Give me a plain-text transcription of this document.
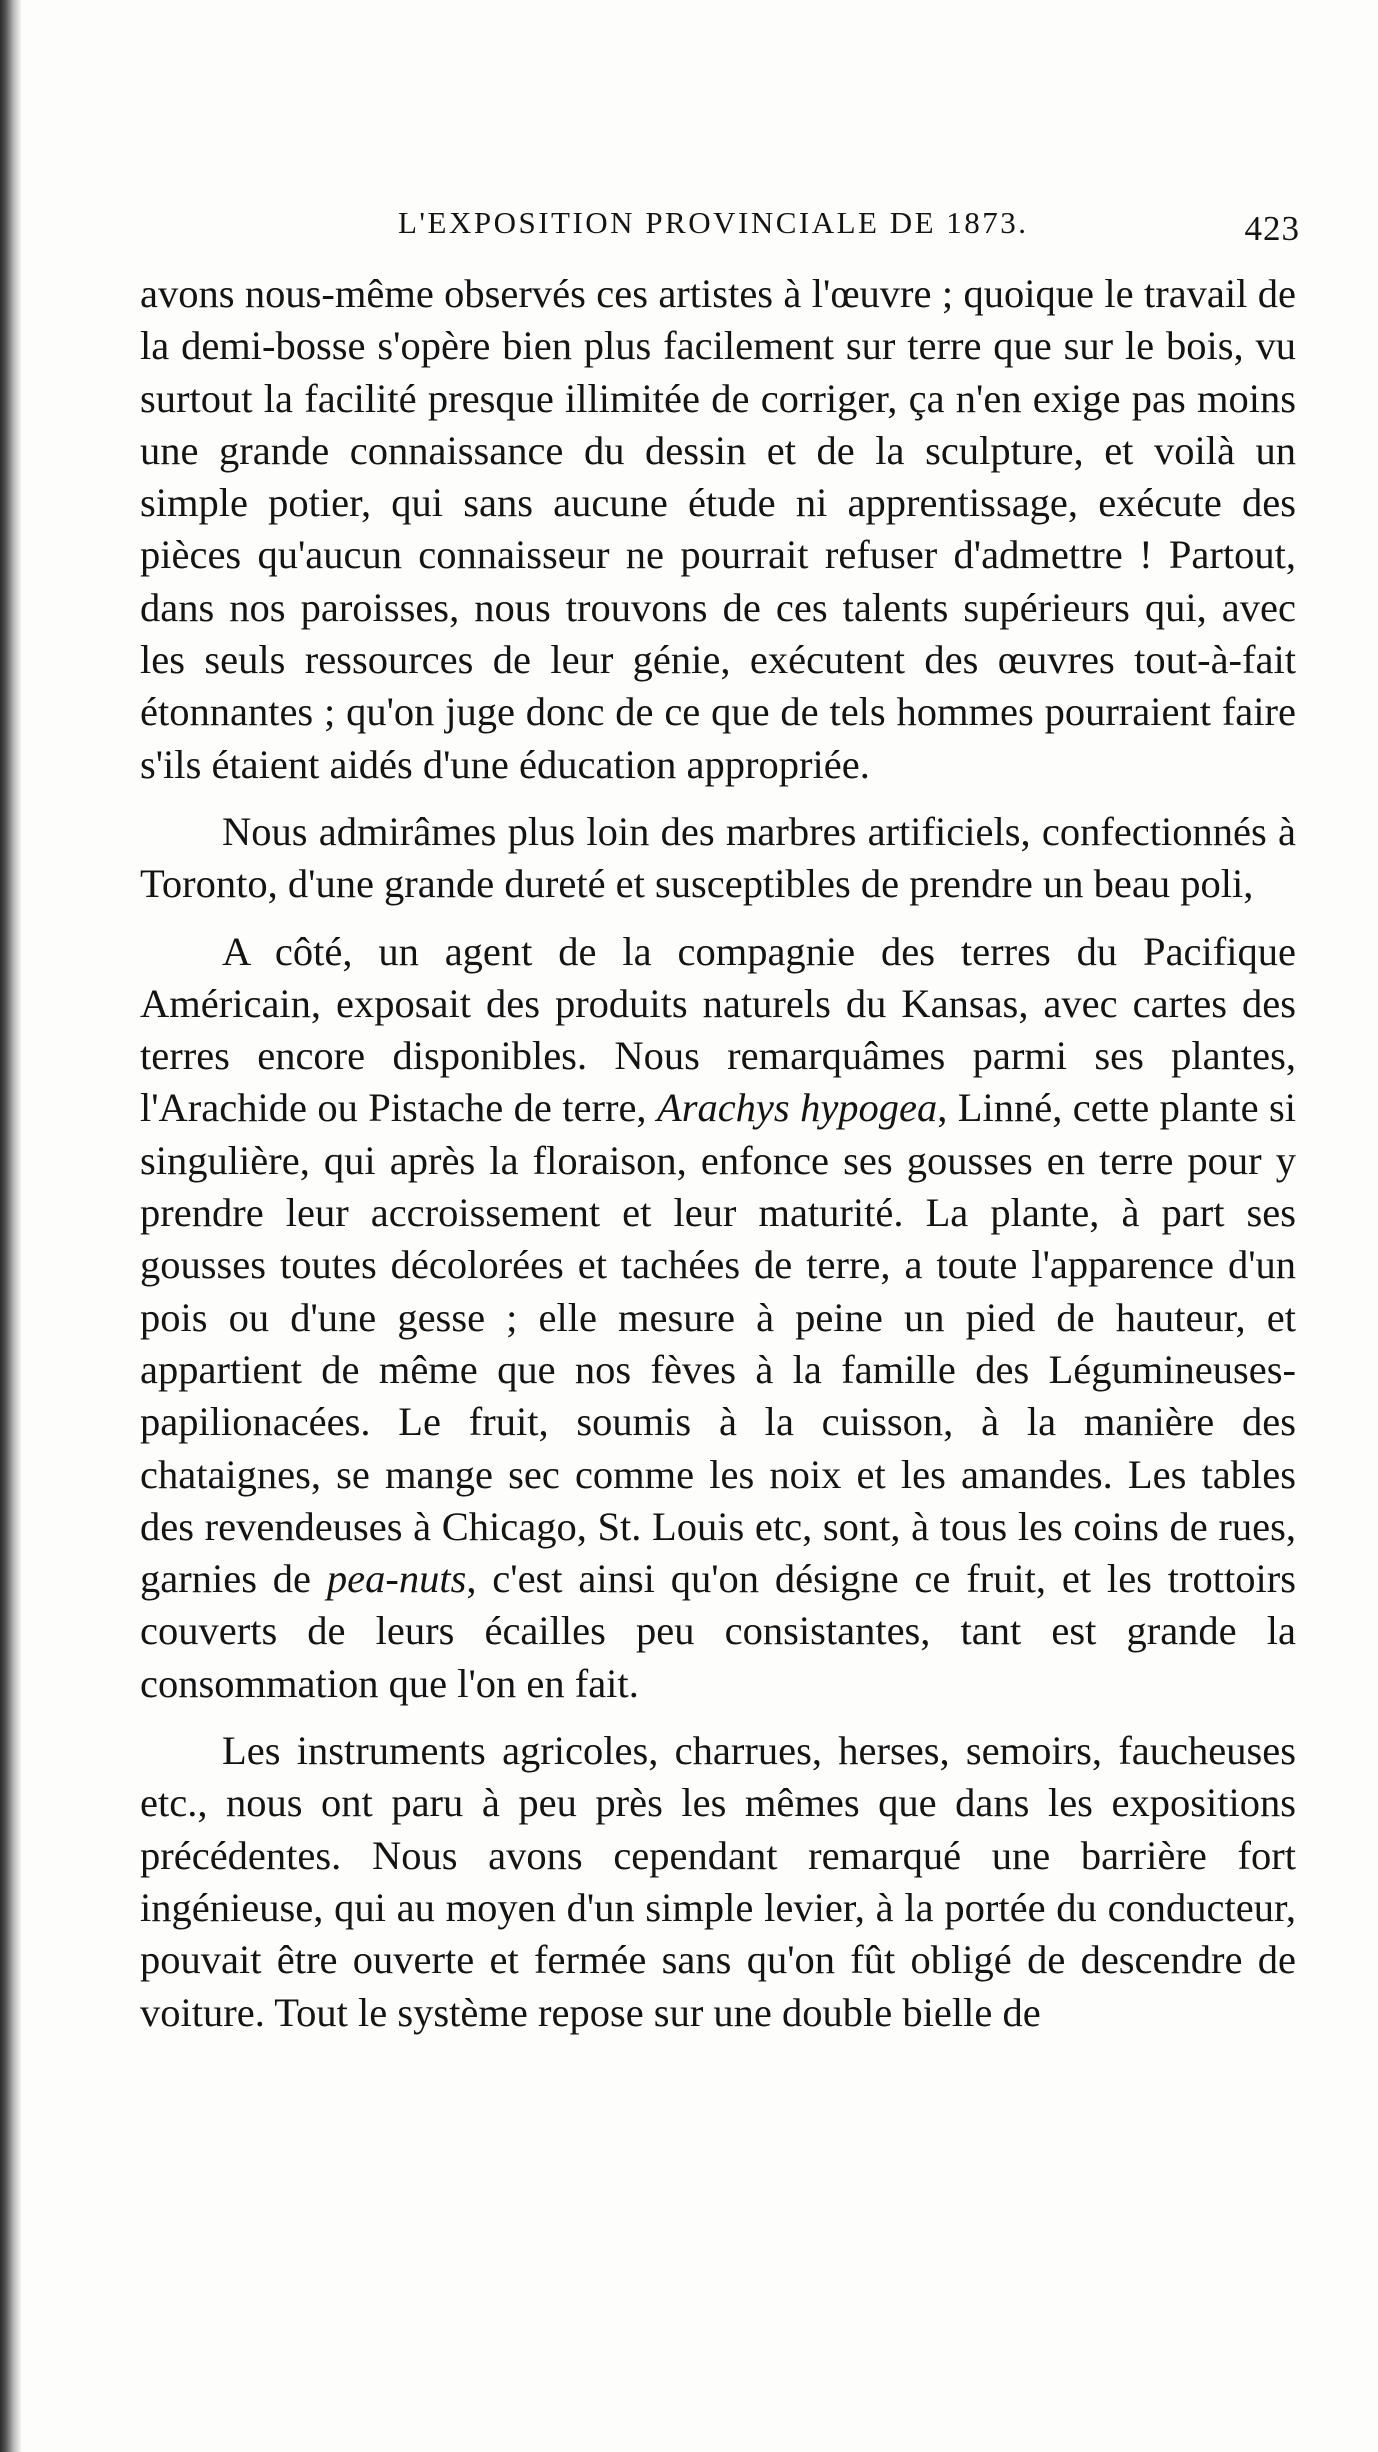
L'EXPOSITION PROVINCIALE DE 1873.	423

avons nous-même observés ces artistes à l'œuvre ; quoique le travail de la demi-bosse s'opère bien plus facilement sur terre que sur le bois, vu surtout la facilité presque illimitée de corriger, ça n'en exige pas moins une grande connaissance du dessin et de la sculpture, et voilà un simple potier, qui sans aucune étude ni apprentissage, exécute des pièces qu'aucun connaisseur ne pourrait refuser d'admettre ! Partout, dans nos paroisses, nous trouvons de ces talents supérieurs qui, avec les seuls ressources de leur génie, exécutent des œuvres tout-à-fait étonnantes ; qu'on juge donc de ce que de tels hommes pourraient faire s'ils étaient aidés d'une éducation appropriée.

Nous admirâmes plus loin des marbres artificiels, confectionnés à Toronto, d'une grande dureté et susceptibles de prendre un beau poli,

A côté, un agent de la compagnie des terres du Pacifique Américain, exposait des produits naturels du Kansas, avec cartes des terres encore disponibles. Nous remarquâmes parmi ses plantes, l'Arachide ou Pistache de terre, Arachys hypogea, Linné, cette plante si singulière, qui après la floraison, enfonce ses gousses en terre pour y prendre leur accroissement et leur maturité. La plante, à part ses gousses toutes décolorées et tachées de terre, a toute l'apparence d'un pois ou d'une gesse ; elle mesure à peine un pied de hauteur, et appartient de même que nos fèves à la famille des Légumineuses-papilionacées. Le fruit, soumis à la cuisson, à la manière des chataignes, se mange sec comme les noix et les amandes. Les tables des revendeuses à Chicago, St. Louis etc, sont, à tous les coins de rues, garnies de pea-nuts, c'est ainsi qu'on désigne ce fruit, et les trottoirs couverts de leurs écailles peu consistantes, tant est grande la consommation que l'on en fait.

Les instruments agricoles, charrues, herses, semoirs, faucheuses etc., nous ont paru à peu près les mêmes que dans les expositions précédentes. Nous avons cependant remarqué une barrière fort ingénieuse, qui au moyen d'un simple levier, à la portée du conducteur, pouvait être ouverte et fermée sans qu'on fût obligé de descendre de voiture. Tout le système repose sur une double bielle de
